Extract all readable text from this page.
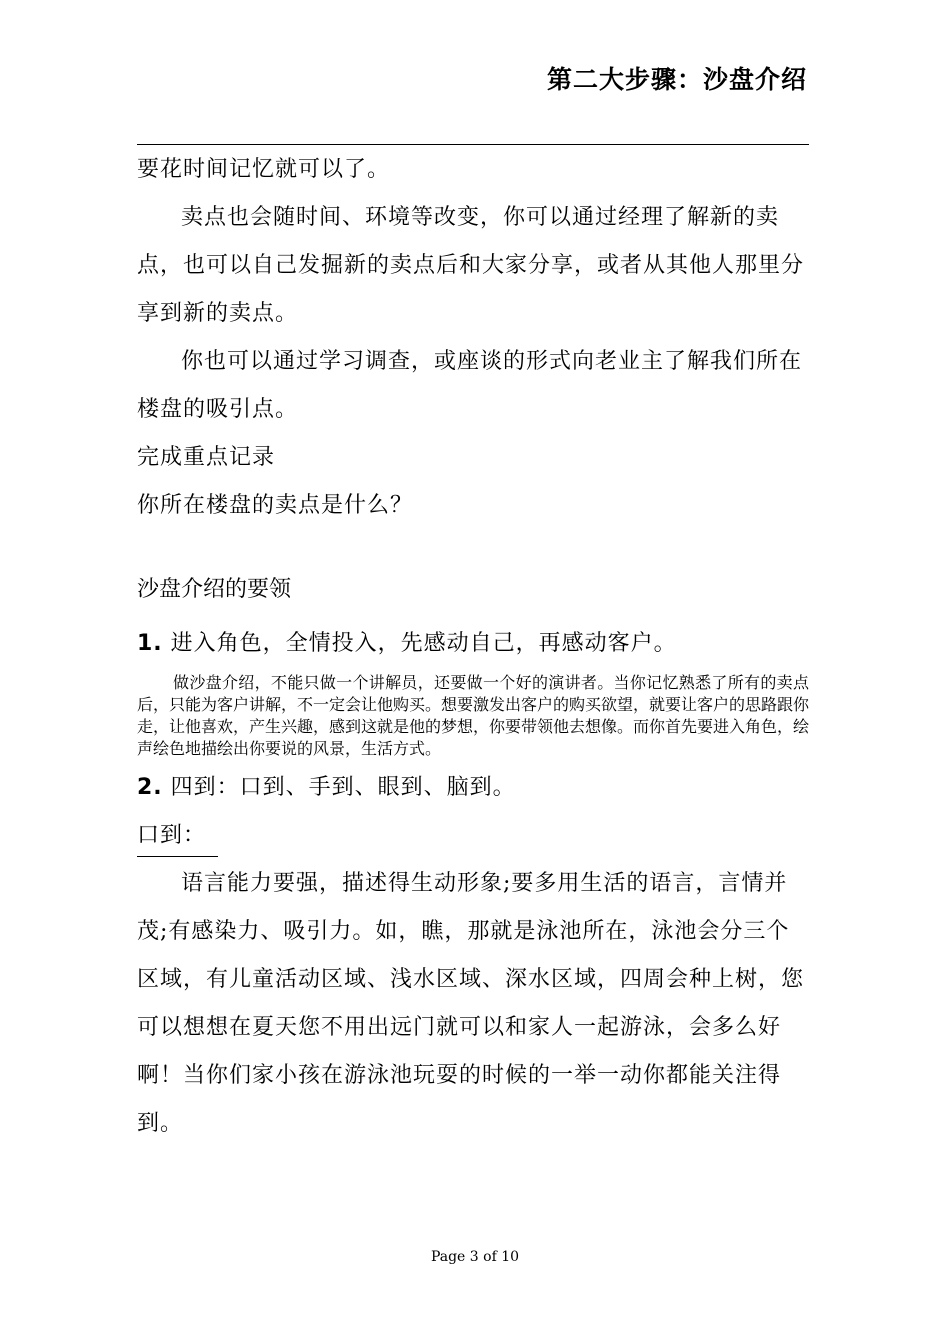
第二大步骤：沙盘介绍

要花时间记忆就可以了。

卖点也会随时间、环境等改变，你可以通过经理了解新的卖点，也可以自己发掘新的卖点后和大家分享，或者从其他人那里分享到新的卖点。

你也可以通过学习调查，或座谈的形式向老业主了解我们所在楼盘的吸引点。

完成重点记录

你所在楼盘的卖点是什么？

沙盘介绍的要领

1. 进入角色，全情投入，先感动自己，再感动客户。

做沙盘介绍，不能只做一个讲解员，还要做一个好的演讲者。当你记忆熟悉了所有的卖点后，只能为客户讲解，不一定会让他购买。想要激发出客户的购买欲望，就要让客户的思路跟你走，让他喜欢，产生兴趣，感到这就是他的梦想，你要带领他去想像。而你首先要进入角色，绘声绘色地描绘出你要说的风景，生活方式。

2. 四到：口到、手到、眼到、脑到。

口到：

语言能力要强，描述得生动形象;要多用生活的语言，言情并茂;有感染力、吸引力。如，瞧，那就是泳池所在，泳池会分三个区域，有儿童活动区域、浅水区域、深水区域，四周会种上树，您可以想想在夏天您不用出远门就可以和家人一起游泳，会多么好啊！当你们家小孩在游泳池玩耍的时候的一举一动你都能关注得到。

Page 3 of 10
